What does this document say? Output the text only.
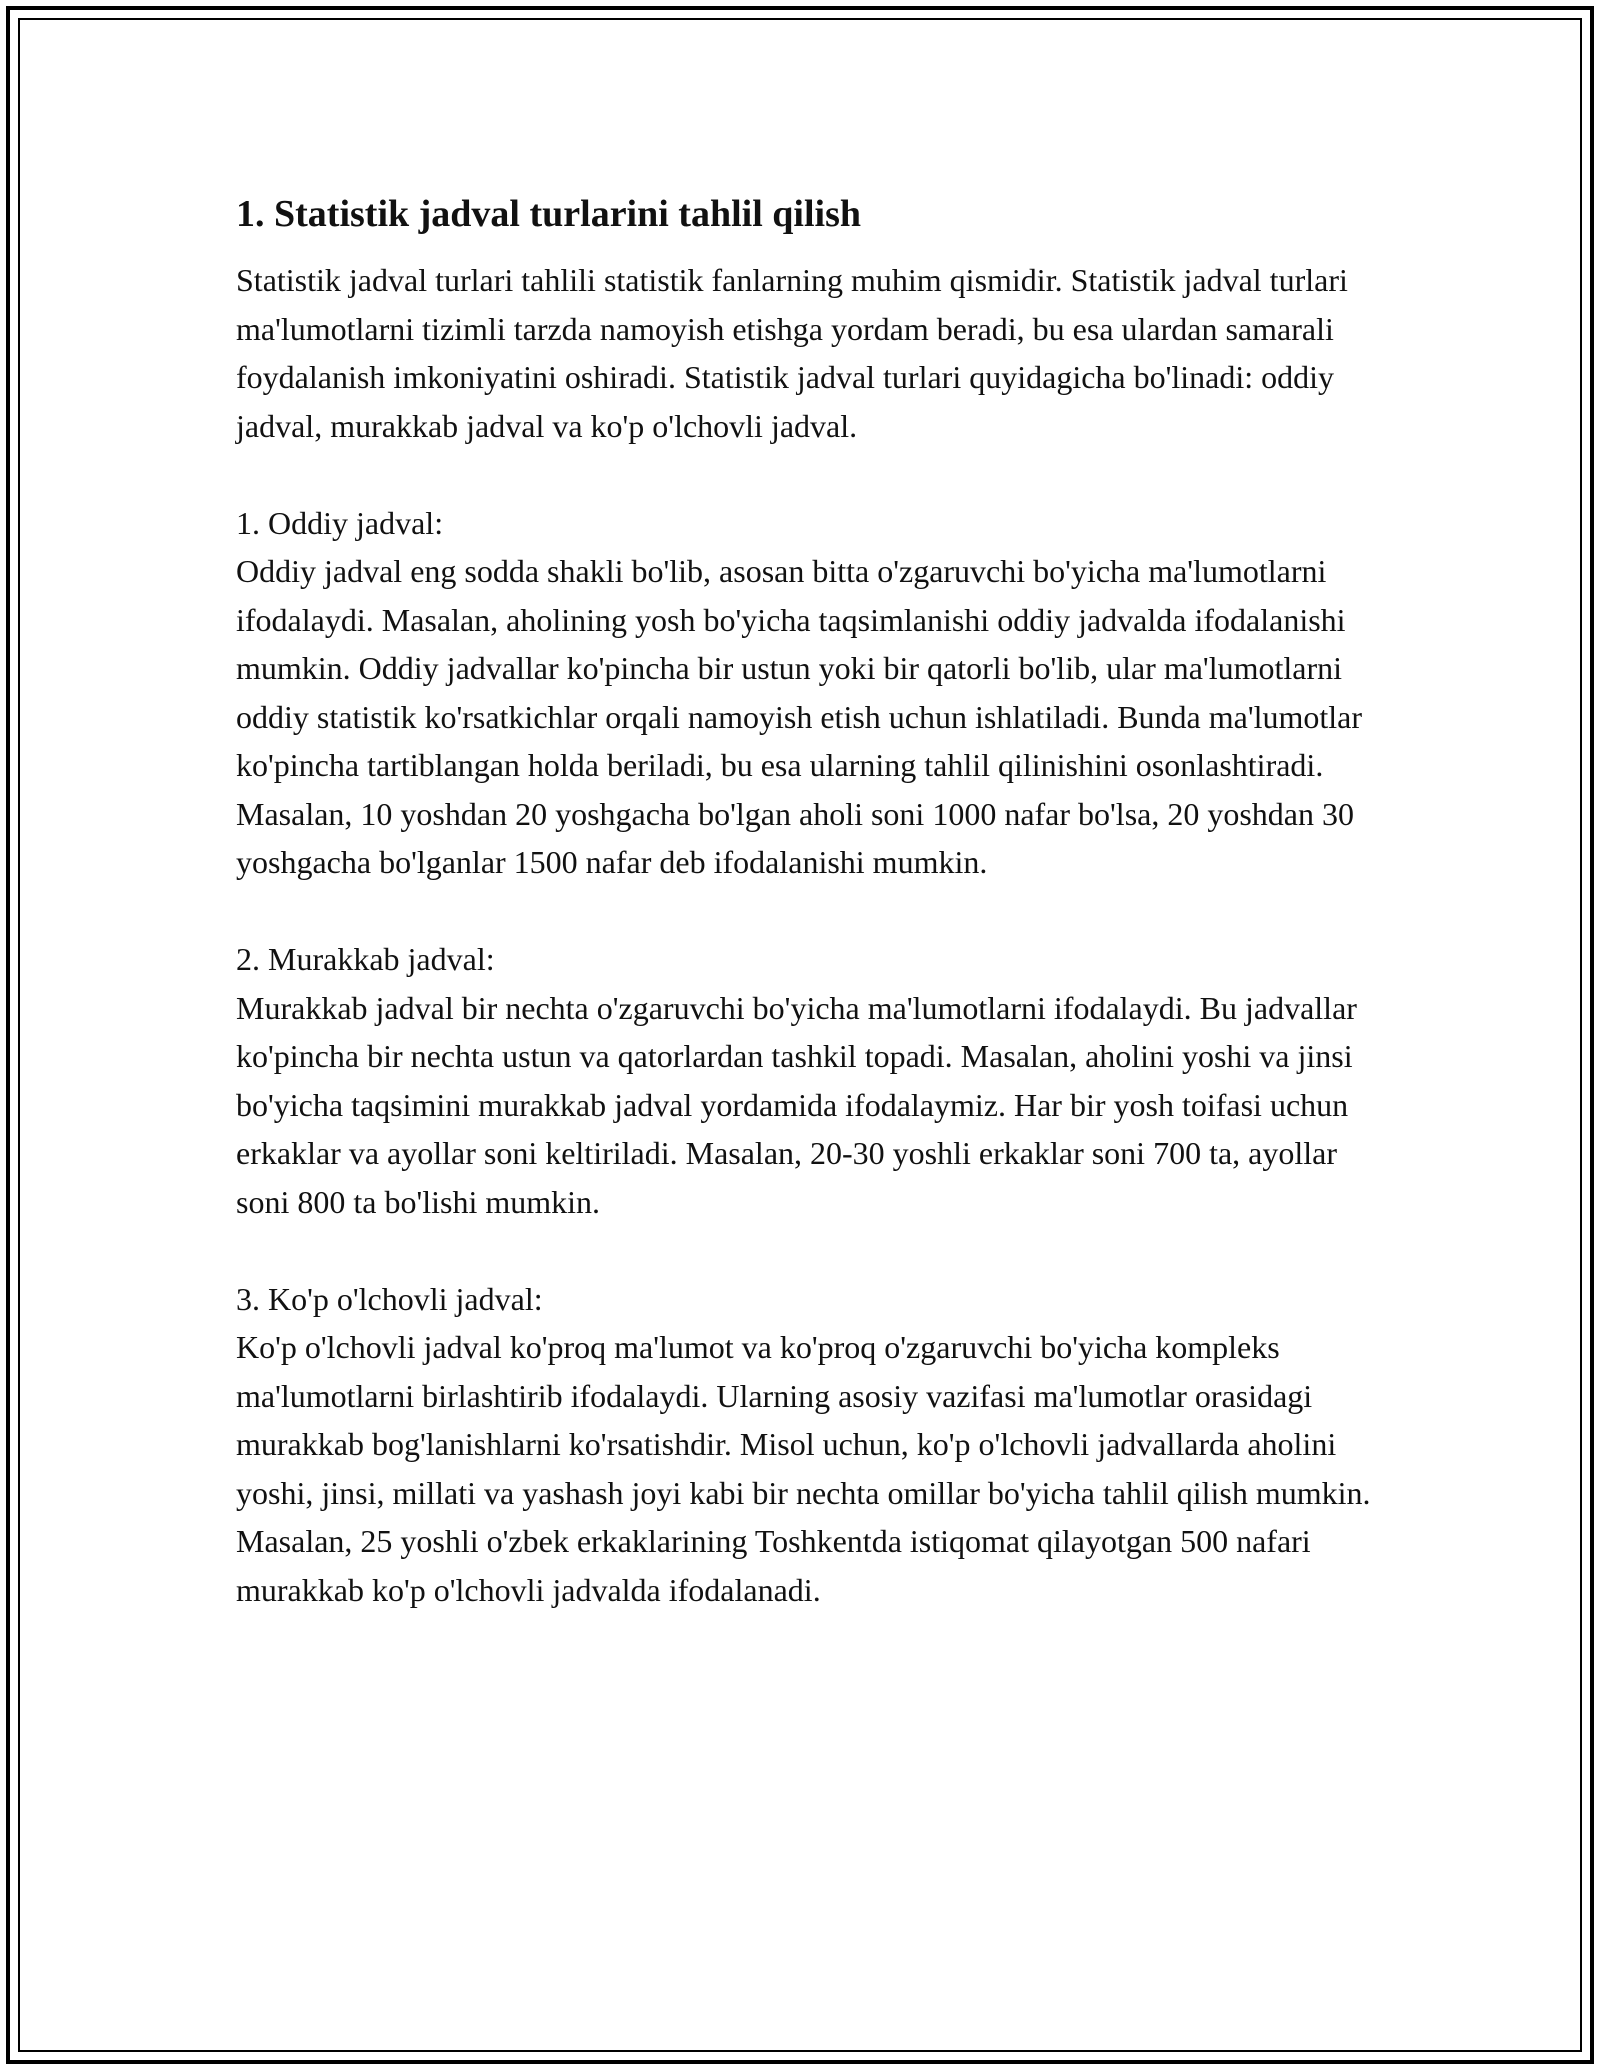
1. Statistik jadval turlarini tahlil qilish

Statistik jadval turlari tahlili statistik fanlarning muhim qismidir. Statistik jadval turlari ma'lumotlarni tizimli tarzda namoyish etishga yordam beradi, bu esa ulardan samarali foydalanish imkoniyatini oshiradi. Statistik jadval turlari quyidagicha bo'linadi: oddiy jadval, murakkab jadval va ko'p o'lchovli jadval.

1. Oddiy jadval:

Oddiy jadval eng sodda shakli bo'lib, asosan bitta o'zgaruvchi bo'yicha ma'lumotlarni ifodalaydi. Masalan, aholining yosh bo'yicha taqsimlanishi oddiy jadvalda ifodalanishi mumkin. Oddiy jadvallar ko'pincha bir ustun yoki bir qatorli bo'lib, ular ma'lumotlarni oddiy statistik ko'rsatkichlar orqali namoyish etish uchun ishlatiladi. Bunda ma'lumotlar ko'pincha tartiblangan holda beriladi, bu esa ularning tahlil qilinishini osonlashtiradi. Masalan, 10 yoshdan 20 yoshgacha bo'lgan aholi soni 1000 nafar bo'lsa, 20 yoshdan 30 yoshgacha bo'lganlar 1500 nafar deb ifodalanishi mumkin.

2. Murakkab jadval:

Murakkab jadval bir nechta o'zgaruvchi bo'yicha ma'lumotlarni ifodalaydi. Bu jadvallar ko'pincha bir nechta ustun va qatorlardan tashkil topadi. Masalan, aholini yoshi va jinsi bo'yicha taqsimini murakkab jadval yordamida ifodalaymiz. Har bir yosh toifasi uchun erkaklar va ayollar soni keltiriladi. Masalan, 20-30 yoshli erkaklar soni 700 ta, ayollar soni 800 ta bo'lishi mumkin.

3. Ko'p o'lchovli jadval:

Ko'p o'lchovli jadval ko'proq ma'lumot va ko'proq o'zgaruvchi bo'yicha kompleks ma'lumotlarni birlashtirib ifodalaydi. Ularning asosiy vazifasi ma'lumotlar orasidagi murakkab bog'lanishlarni ko'rsatishdir. Misol uchun, ko'p o'lchovli jadvallarda aholini yoshi, jinsi, millati va yashash joyi kabi bir nechta omillar bo'yicha tahlil qilish mumkin. Masalan, 25 yoshli o'zbek erkaklarining Toshkentda istiqomat qilayotgan 500 nafari murakkab ko'p o'lchovli jadvalda ifodalanadi.
